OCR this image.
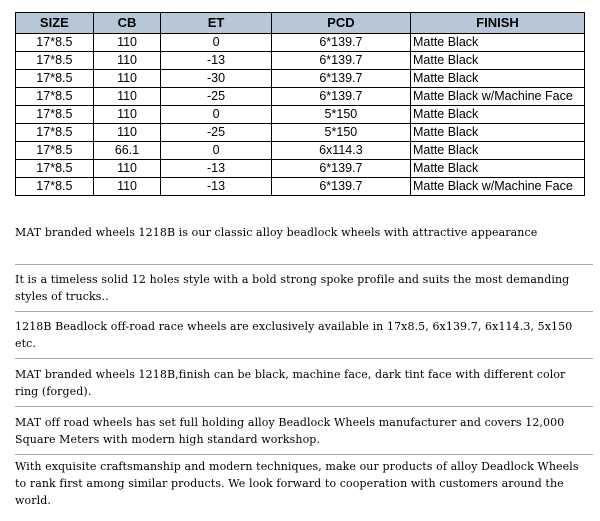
SIZE	CB	ET	PCD	FINISH
17*8.5	110	0	6*139.7	Matte Black
17*8.5	110	-13	6*139.7	Matte Black
17*8.5	110	-30	6*139.7	Matte Black
17*8.5	110	-25	6*139.7	Matte Black w/Machine Face
17*8.5	110	0	5*150	Matte Black
17*8.5	110	-25	5*150	Matte Black
17*8.5	66.1	0	6x114.3	Matte Black
17*8.5	110	-13	6*139.7	Matte Black
17*8.5	110	-13	6*139.7	Matte Black w/Machine Face
MAT branded wheels 1218B is our classic alloy beadlock wheels with attractive appearance
It is a timeless solid 12 holes style with a bold strong spoke profile and suits the most demanding styles of trucks..
1218B Beadlock off-road race wheels are exclusively available in 17x8.5, 6x139.7, 6x114.3, 5x150 etc.
MAT branded wheels 1218B,finish can be black, machine face, dark tint face with different color ring (forged).
MAT off road wheels has set full holding alloy Beadlock Wheels manufacturer and covers 12,000 Square Meters with modern high standard workshop.
With exquisite craftsmanship and modern techniques, make our products of alloy Deadlock Wheels to rank first among similar products. We look forward to cooperation with customers around the world.
